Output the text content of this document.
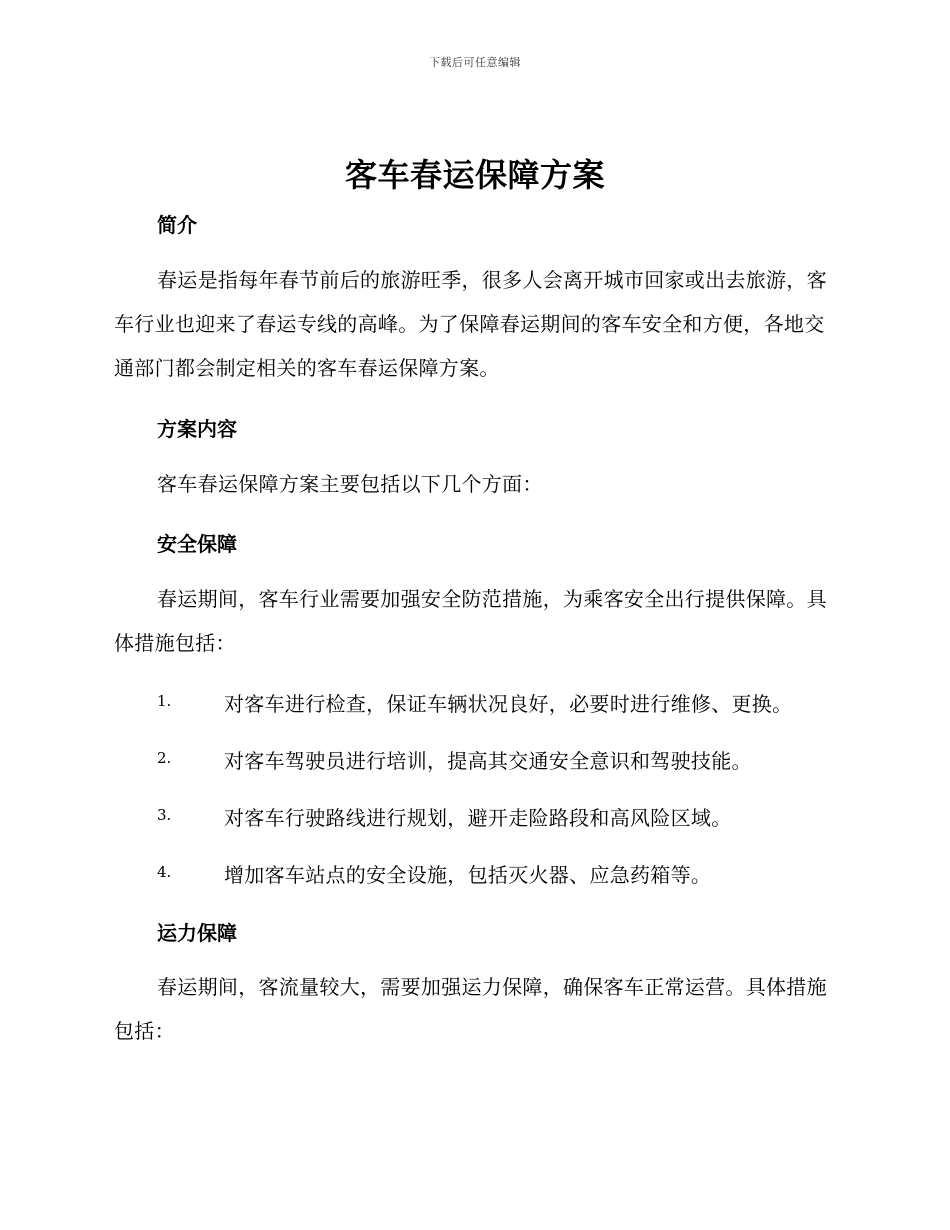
下载后可任意编辑
客车春运保障方案
简介
春运是指每年春节前后的旅游旺季，很多人会离开城市回家或出去旅游，客车行业也迎来了春运专线的高峰。为了保障春运期间的客车安全和方便，各地交通部门都会制定相关的客车春运保障方案。
方案内容
客车春运保障方案主要包括以下几个方面：
安全保障
春运期间，客车行业需要加强安全防范措施，为乘客安全出行提供保障。具体措施包括：
1.	对客车进行检查，保证车辆状况良好，必要时进行维修、更换。
2.	对客车驾驶员进行培训，提高其交通安全意识和驾驶技能。
3.	对客车行驶路线进行规划，避开走险路段和高风险区域。
4.	增加客车站点的安全设施，包括灭火器、应急药箱等。
运力保障
春运期间，客流量较大，需要加强运力保障，确保客车正常运营。具体措施包括：
